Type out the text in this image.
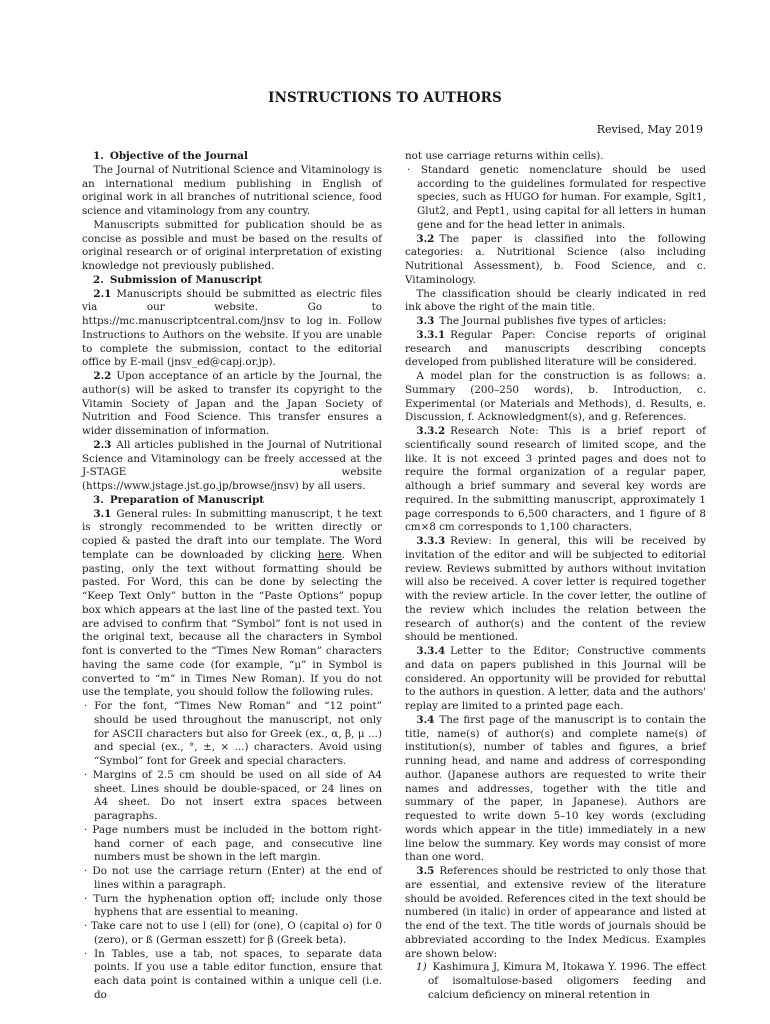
INSTRUCTIONS TO AUTHORS
Revised, May 2019
1. Objective of the Journal
The Journal of Nutritional Science and Vitaminology is an international medium publishing in English of original work in all branches of nutritional science, food science and vitaminology from any country.
Manuscripts submitted for publication should be as concise as possible and must be based on the results of original research or of original interpretation of existing knowledge not previously published.
2. Submission of Manuscript
2.1 Manuscripts should be submitted as electric files via our website. Go to https://mc.manuscriptcentral.com/jnsv to log in. Follow Instructions to Authors on the website. If you are unable to complete the submission, contact to the editorial office by E-mail (jnsv_ed@capj.or.jp).
2.2 Upon acceptance of an article by the Journal, the author(s) will be asked to transfer its copyright to the Vitamin Society of Japan and the Japan Society of Nutrition and Food Science. This transfer ensures a wider dissemination of information.
2.3 All articles published in the Journal of Nutritional Science and Vitaminology can be freely accessed at the J-STAGE website (https://www.jstage.jst.go.jp/browse/jnsv) by all users.
3. Preparation of Manuscript
3.1 General rules: In submitting manuscript, t he text is strongly recommended to be written directly or copied & pasted the draft into our template. The Word template can be downloaded by clicking here. When pasting, only the text without formatting should be pasted. For Word, this can be done by selecting the “Keep Text Only” button in the “Paste Options” popup box which appears at the last line of the pasted text. You are advised to confirm that “Symbol” font is not used in the original text, because all the characters in Symbol font is converted to the “Times New Roman” characters having the same code (for example, “μ” in Symbol is converted to “m” in Times New Roman). If you do not use the template, you should follow the following rules.
· For the font, “Times New Roman” and “12 point” should be used throughout the manuscript, not only for ASCII characters but also for Greek (ex., α, β, μ ...) and special (ex., °, ±, × ...) characters. Avoid using “Symbol” font for Greek and special characters.
· Margins of 2.5 cm should be used on all side of A4 sheet. Lines should be double-spaced, or 24 lines on A4 sheet. Do not insert extra spaces between paragraphs.
· Page numbers must be included in the bottom right-hand corner of each page, and consecutive line numbers must be shown in the left margin.
· Do not use the carriage return (Enter) at the end of lines within a paragraph.
· Turn the hyphenation option off; include only those hyphens that are essential to meaning.
· Take care not to use l (ell) for (one), O (capital o) for 0 (zero), or ß (German esszett) for β (Greek beta).
· In Tables, use a tab, not spaces, to separate data points. If you use a table editor function, ensure that each data point is contained within a unique cell (i.e. do
not use carriage returns within cells).
· Standard genetic nomenclature should be used according to the guidelines formulated for respective species, such as HUGO for human. For example, Sglt1, Glut2, and Pept1, using capital for all letters in human gene and for the head letter in animals.
3.2 The paper is classified into the following categories: a. Nutritional Science (also including Nutritional Assessment), b. Food Science, and c. Vitaminology.
The classification should be clearly indicated in red ink above the right of the main title.
3.3 The Journal publishes five types of articles:
3.3.1 Regular Paper: Concise reports of original research and manuscripts describing concepts developed from published literature will be considered.
A model plan for the construction is as follows: a. Summary (200–250 words), b. Introduction, c. Experimental (or Materials and Methods), d. Results, e. Discussion, f. Acknowledgment(s), and g. References.
3.3.2 Research Note: This is a brief report of scientifically sound research of limited scope, and the like. It is not exceed 3 printed pages and does not to require the formal organization of a regular paper, although a brief summary and several key words are required. In the submitting manuscript, approximately 1 page corresponds to 6,500 characters, and 1 figure of 8 cm×8 cm corresponds to 1,100 characters.
3.3.3 Review: In general, this will be received by invitation of the editor and will be subjected to editorial review. Reviews submitted by authors without invitation will also be received. A cover letter is required together with the review article. In the cover letter, the outline of the review which includes the relation between the research of author(s) and the content of the review should be mentioned.
3.3.4 Letter to the Editor; Constructive comments and data on papers published in this Journal will be considered. An opportunity will be provided for rebuttal to the authors in question. A letter, data and the authors' replay are limited to a printed page each.
3.4 The first page of the manuscript is to contain the title, name(s) of author(s) and complete name(s) of institution(s), number of tables and figures, a brief running head, and name and address of corresponding author. (Japanese authors are requested to write their names and addresses, together with the title and summary of the paper, in Japanese). Authors are requested to write down 5–10 key words (excluding words which appear in the title) immediately in a new line below the summary. Key words may consist of more than one word.
3.5 References should be restricted to only those that are essential, and extensive review of the literature should be avoided. References cited in the text should be numbered (in italic) in order of appearance and listed at the end of the text. The title words of journals should be abbreviated according to the Index Medicus. Examples are shown below:
1) Kashimura J, Kimura M, Itokawa Y. 1996. The effect of isomaltulose-based oligomers feeding and calcium deficiency on mineral retention in
